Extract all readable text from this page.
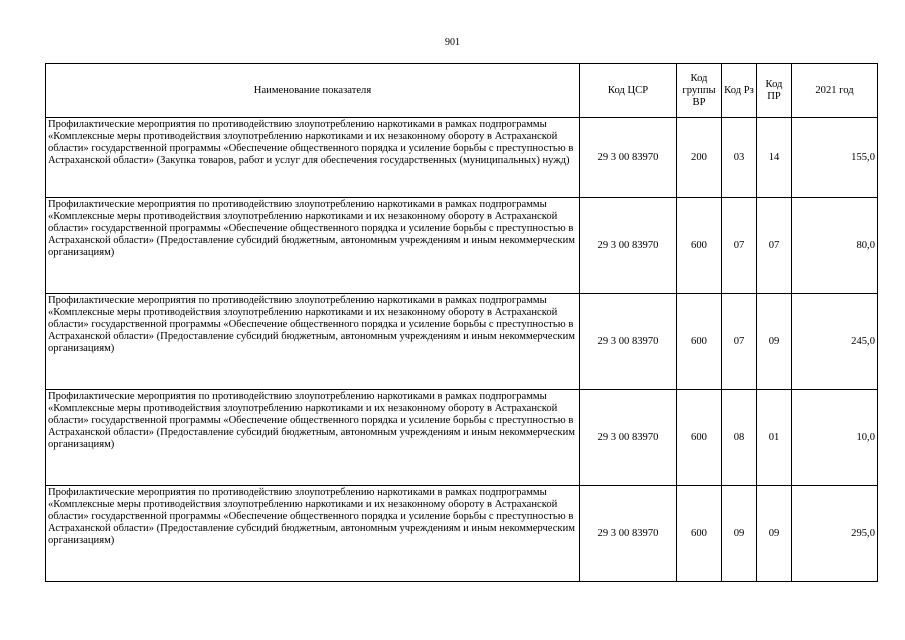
901
Наименование показателя	Код ЦСР	Код группы ВР	Код Рз	Код ПР	2021 год
Профилактические мероприятия по противодействию злоупотреблению наркотиками в рамках подпрограммы «Комплексные меры противодействия злоупотреблению наркотиками и их незаконному обороту в Астраханской области» государственной программы «Обеспечение общественного порядка и усиление борьбы с преступностью в Астраханской области» (Закупка товаров, работ и услуг для обеспечения государственных (муниципальных) нужд)	29 3 00 83970	200	03	14	155,0
Профилактические мероприятия по противодействию злоупотреблению наркотиками в рамках подпрограммы «Комплексные меры противодействия злоупотреблению наркотиками и их незаконному обороту в Астраханской области» государственной программы «Обеспечение общественного порядка и усиление борьбы с преступностью в Астраханской области» (Предоставление субсидий бюджетным, автономным учреждениям и иным некоммерческим организациям)	29 3 00 83970	600	07	07	80,0
Профилактические мероприятия по противодействию злоупотреблению наркотиками в рамках подпрограммы «Комплексные меры противодействия злоупотреблению наркотиками и их незаконному обороту в Астраханской области» государственной программы «Обеспечение общественного порядка и усиление борьбы с преступностью в Астраханской области» (Предоставление субсидий бюджетным, автономным учреждениям и иным некоммерческим организациям)	29 3 00 83970	600	07	09	245,0
Профилактические мероприятия по противодействию злоупотреблению наркотиками в рамках подпрограммы «Комплексные меры противодействия злоупотреблению наркотиками и их незаконному обороту в Астраханской области» государственной программы «Обеспечение общественного порядка и усиление борьбы с преступностью в Астраханской области» (Предоставление субсидий бюджетным, автономным учреждениям и иным некоммерческим организациям)	29 3 00 83970	600	08	01	10,0
Профилактические мероприятия по противодействию злоупотреблению наркотиками в рамках подпрограммы «Комплексные меры противодействия злоупотреблению наркотиками и их незаконному обороту в Астраханской области» государственной программы «Обеспечение общественного порядка и усиление борьбы с преступностью в Астраханской области» (Предоставление субсидий бюджетным, автономным учреждениям и иным некоммерческим организациям)	29 3 00 83970	600	09	09	295,0
